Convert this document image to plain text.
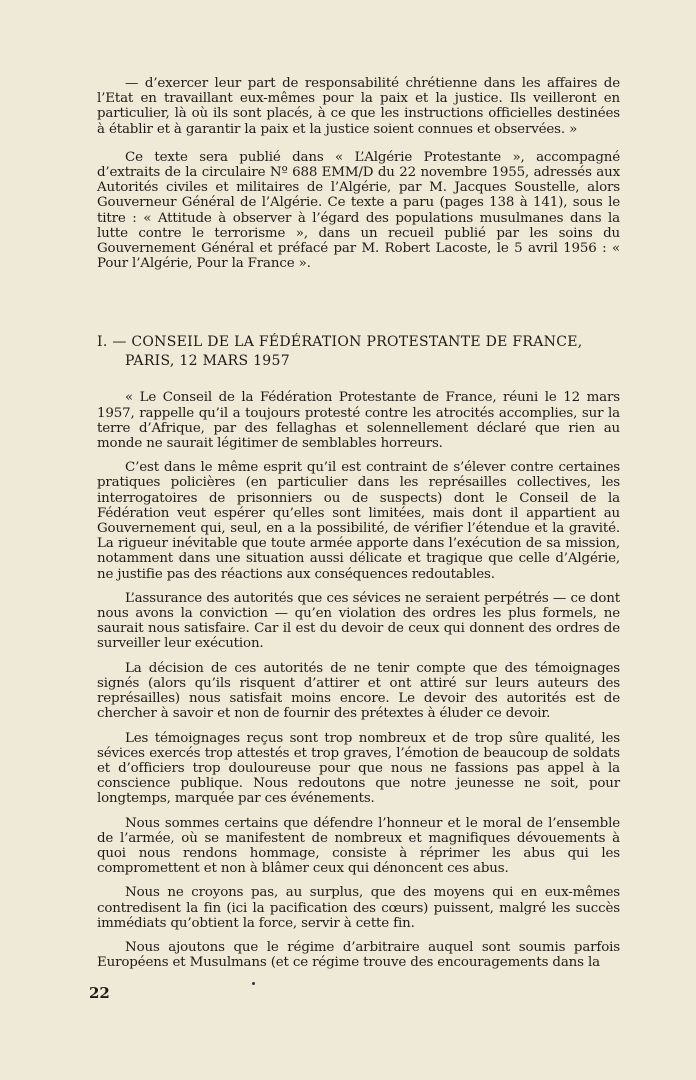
— d’exercer leur part de responsabilité chrétienne dans les affaires de l’Etat en travaillant eux-mêmes pour la paix et la justice. Ils veilleront en particulier, là où ils sont placés, à ce que les instructions officielles destinées à établir et à garantir la paix et la justice soient connues et observées. »

Ce texte sera publié dans « L’Algérie Protestante », accompagné d’extraits de la circulaire Nº 688 EMM/D du 22 novembre 1955, adressés aux Autorités civiles et militaires de l’Algérie, par M. Jacques Soustelle, alors Gouverneur Général de l’Algérie. Ce texte a paru (pages 138 à 141), sous le titre : « Attitude à observer à l’égard des populations musulmanes dans la lutte contre le terrorisme », dans un recueil publié par les soins du Gouvernement Général et préfacé par M. Robert Lacoste, le 5 avril 1956 : « Pour l’Algérie, Pour la France ».

I. — CONSEIL DE LA FÉDÉRATION PROTESTANTE DE FRANCE,
PARIS, 12 MARS 1957

« Le Conseil de la Fédération Protestante de France, réuni le 12 mars 1957, rappelle qu’il a toujours protesté contre les atrocités accomplies, sur la terre d’Afrique, par des fellaghas et solennellement déclaré que rien au monde ne saurait légitimer de semblables horreurs.

C’est dans le même esprit qu’il est contraint de s’élever contre certaines pratiques policières (en particulier dans les représailles collectives, les interrogatoires de prisonniers ou de suspects) dont le Conseil de la Fédération veut espérer qu’elles sont limitées, mais dont il appartient au Gouvernement qui, seul, en a la possibilité, de vérifier l’étendue et la gravité. La rigueur inévitable que toute armée apporte dans l’exécution de sa mission, notamment dans une situation aussi délicate et tragique que celle d’Algérie, ne justifie pas des réactions aux conséquences redoutables.

L’assurance des autorités que ces sévices ne seraient perpétrés — ce dont nous avons la conviction — qu’en violation des ordres les plus formels, ne saurait nous satisfaire. Car il est du devoir de ceux qui donnent des ordres de surveiller leur exécution.

La décision de ces autorités de ne tenir compte que des témoignages signés (alors qu’ils risquent d’attirer et ont attiré sur leurs auteurs des représailles) nous satisfait moins encore. Le devoir des autorités est de chercher à savoir et non de fournir des prétextes à éluder ce devoir.

Les témoignages reçus sont trop nombreux et de trop sûre qualité, les sévices exercés trop attestés et trop graves, l’émotion de beaucoup de soldats et d’officiers trop douloureuse pour que nous ne fassions pas appel à la conscience publique. Nous redoutons que notre jeunesse ne soit, pour longtemps, marquée par ces événements.

Nous sommes certains que défendre l’honneur et le moral de l’ensemble de l’armée, où se manifestent de nombreux et magnifiques dévouements à quoi nous rendons hommage, consiste à réprimer les abus qui les compromettent et non à blâmer ceux qui dénoncent ces abus.

Nous ne croyons pas, au surplus, que des moyens qui en eux-mêmes contredisent la fin (ici la pacification des cœurs) puissent, malgré les succès immédiats qu’obtient la force, servir à cette fin.

Nous ajoutons que le régime d’arbitraire auquel sont soumis parfois Européens et Musulmans (et ce régime trouve des encouragements dans la

22
